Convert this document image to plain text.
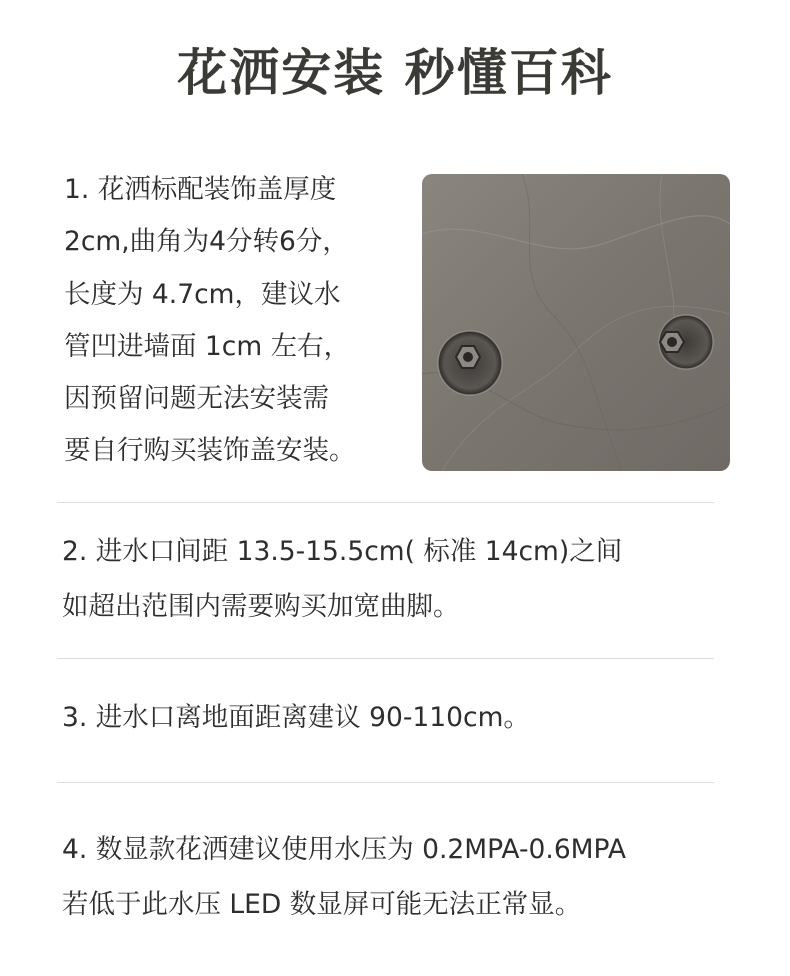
花洒安装 秒懂百科
1. 花洒标配装饰盖厚度
2cm,曲角为4分转6分，
长度为 4.7cm，建议水
管凹进墙面 1cm 左右，
因预留问题无法安装需
要自行购买装饰盖安装。
2. 进水口间距 13.5-15.5cm( 标准 14cm)之间
如超出范围内需要购买加宽曲脚。
3. 进水口离地面距离建议 90-110cm。
4. 数显款花洒建议使用水压为 0.2MPA-0.6MPA
若低于此水压 LED 数显屏可能无法正常显。
